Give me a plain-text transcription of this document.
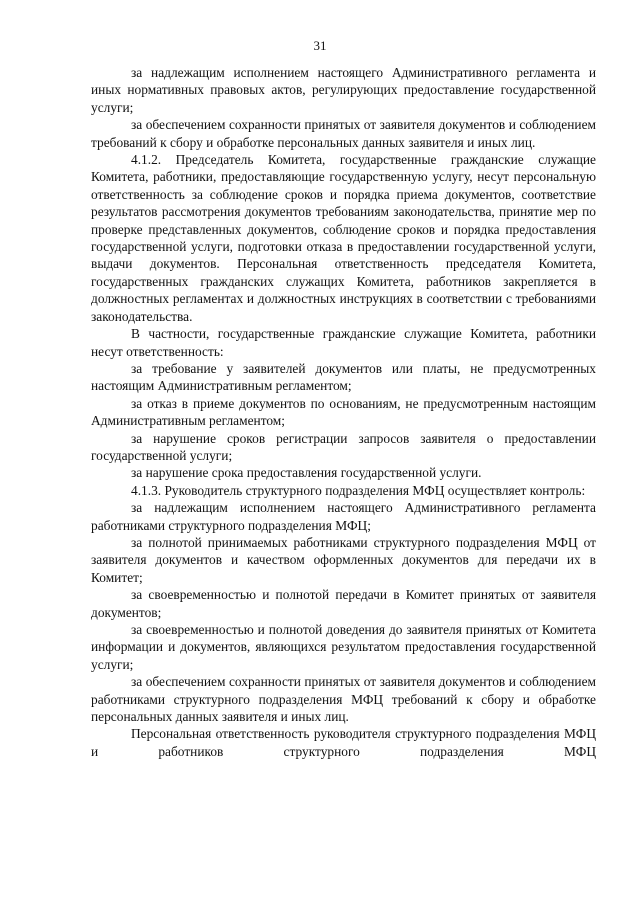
31

за надлежащим исполнением настоящего Административного регламента и иных нормативных правовых актов, регулирующих предоставление государственной услуги;

за обеспечением сохранности принятых от заявителя документов и соблюдением требований к сбору и обработке персональных данных заявителя и иных лиц.

4.1.2. Председатель Комитета, государственные гражданские служащие Комитета, работники, предоставляющие государственную услугу, несут персональную ответственность за соблюдение сроков и порядка приема документов, соответствие результатов рассмотрения документов требованиям законодательства, принятие мер по проверке представленных документов, соблюдение сроков и порядка предоставления государственной услуги, подготовки отказа в предоставлении государственной услуги, выдачи документов. Персональная ответственность председателя Комитета, государственных гражданских служащих Комитета, работников закрепляется в должностных регламентах и должностных инструкциях в соответствии с требованиями законодательства.

В частности, государственные гражданские служащие Комитета, работники несут ответственность:

за требование у заявителей документов или платы, не предусмотренных настоящим Административным регламентом;

за отказ в приеме документов по основаниям, не предусмотренным настоящим Административным регламентом;

за нарушение сроков регистрации запросов заявителя о предоставлении государственной услуги;

за нарушение срока предоставления государственной услуги.

4.1.3. Руководитель структурного подразделения МФЦ осуществляет контроль:

за надлежащим исполнением настоящего Административного регламента работниками структурного подразделения МФЦ;

за полнотой принимаемых работниками структурного подразделения МФЦ от заявителя документов и качеством оформленных документов для передачи их в Комитет;

за своевременностью и полнотой передачи в Комитет принятых от заявителя документов;

за своевременностью и полнотой доведения до заявителя принятых от Комитета информации и документов, являющихся результатом предоставления государственной услуги;

за обеспечением сохранности принятых от заявителя документов и соблюдением работниками структурного подразделения МФЦ требований к сбору и обработке персональных данных заявителя и иных лиц.

Персональная ответственность руководителя структурного подразделения МФЦ и работников структурного подразделения МФЦ
